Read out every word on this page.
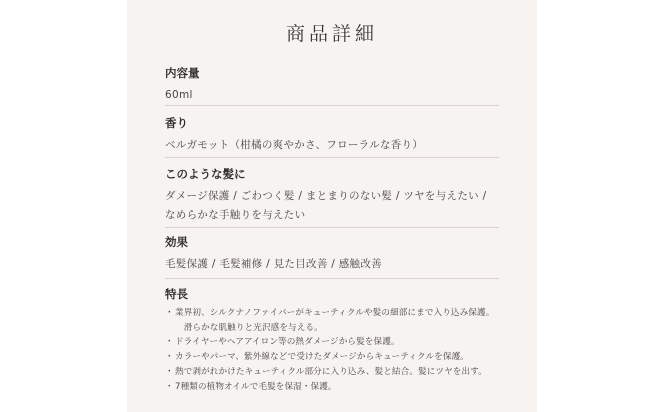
商品詳細
内容量
60ml
香り
ベルガモット（柑橘の爽やかさ、フローラルな香り）
このような髪に
ダメージ保護 / ごわつく髪 / まとまりのない髪 / ツヤを与えたい /
なめらかな手触りを与えたい
効果
毛髪保護 / 毛髪補修 / 見た目改善 / 感触改善
特長
・ 業界初、シルクナノファイバーがキューティクルや髪の細部にまで入り込み保護。
　滑らかな肌触りと光沢感を与える。
・ ドライヤーやヘアアイロン等の熱ダメージから髪を保護。
・ カラーやパーマ、紫外線などで受けたダメージからキューティクルを保護。
・ 熱で剥がれかけたキューティクル部分に入り込み、髪と結合。髪にツヤを出す。
・ 7種類の植物オイルで毛髪を保湿・保護。
